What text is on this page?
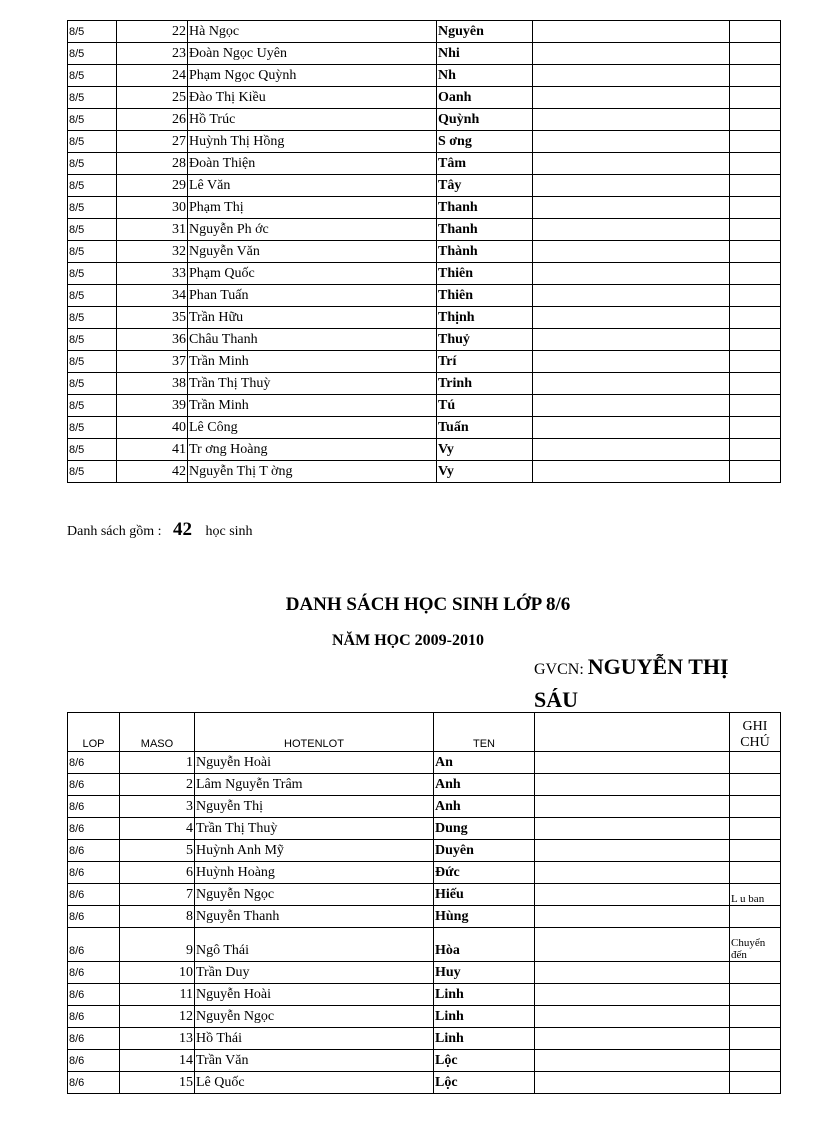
8/5	22	Hà Ngọc	Nguyên		
8/5	23	Đoàn Ngọc Uyên	Nhi		
8/5	24	Phạm Ngọc Quỳnh	Nh		
8/5	25	Đào Thị Kiều	Oanh		
8/5	26	Hồ Trúc	Quỳnh		
8/5	27	Huỳnh Thị Hồng	S ơng		
8/5	28	Đoàn Thiện	Tâm		
8/5	29	Lê Văn	Tây		
8/5	30	Phạm Thị	Thanh		
8/5	31	Nguyễn Ph ớc	Thanh		
8/5	32	Nguyễn Văn	Thành		
8/5	33	Phạm Quốc	Thiên		
8/5	34	Phan Tuấn	Thiên		
8/5	35	Trần Hữu	Thịnh		
8/5	36	Châu Thanh	Thuỷ		
8/5	37	Trần Minh	Trí		
8/5	38	Trần Thị Thuỳ	Trinh		
8/5	39	Trần Minh	Tú		
8/5	40	Lê Công	Tuấn		
8/5	41	Tr ơng Hoàng	Vy		
8/5	42	Nguyễn Thị T ờng	Vy		
Danh sách gồm : 42 học sinh
DANH SÁCH HỌC SINH LỚP 8/6
NĂM HỌC 2009-2010
GVCN: NGUYỄN THỊ SÁU
LOP	MASO	HOTENLOT	TEN		GHI CHÚ
8/6	1	Nguyễn Hoài	An		
8/6	2	Lâm Nguyễn Trâm	Anh		
8/6	3	Nguyễn Thị	Anh		
8/6	4	Trần Thị Thuỳ	Dung		
8/6	5	Huỳnh Anh Mỹ	Duyên		
8/6	6	Huỳnh Hoàng	Đức		
8/6	7	Nguyễn Ngọc	Hiếu		L u ban
8/6	8	Nguyễn Thanh	Hùng		
8/6	9	Ngô Thái	Hòa		Chuyển đến
8/6	10	Trần Duy	Huy		
8/6	11	Nguyễn Hoài	Linh		
8/6	12	Nguyễn Ngọc	Linh		
8/6	13	Hồ Thái	Linh		
8/6	14	Trần Văn	Lộc		
8/6	15	Lê Quốc	Lộc		
